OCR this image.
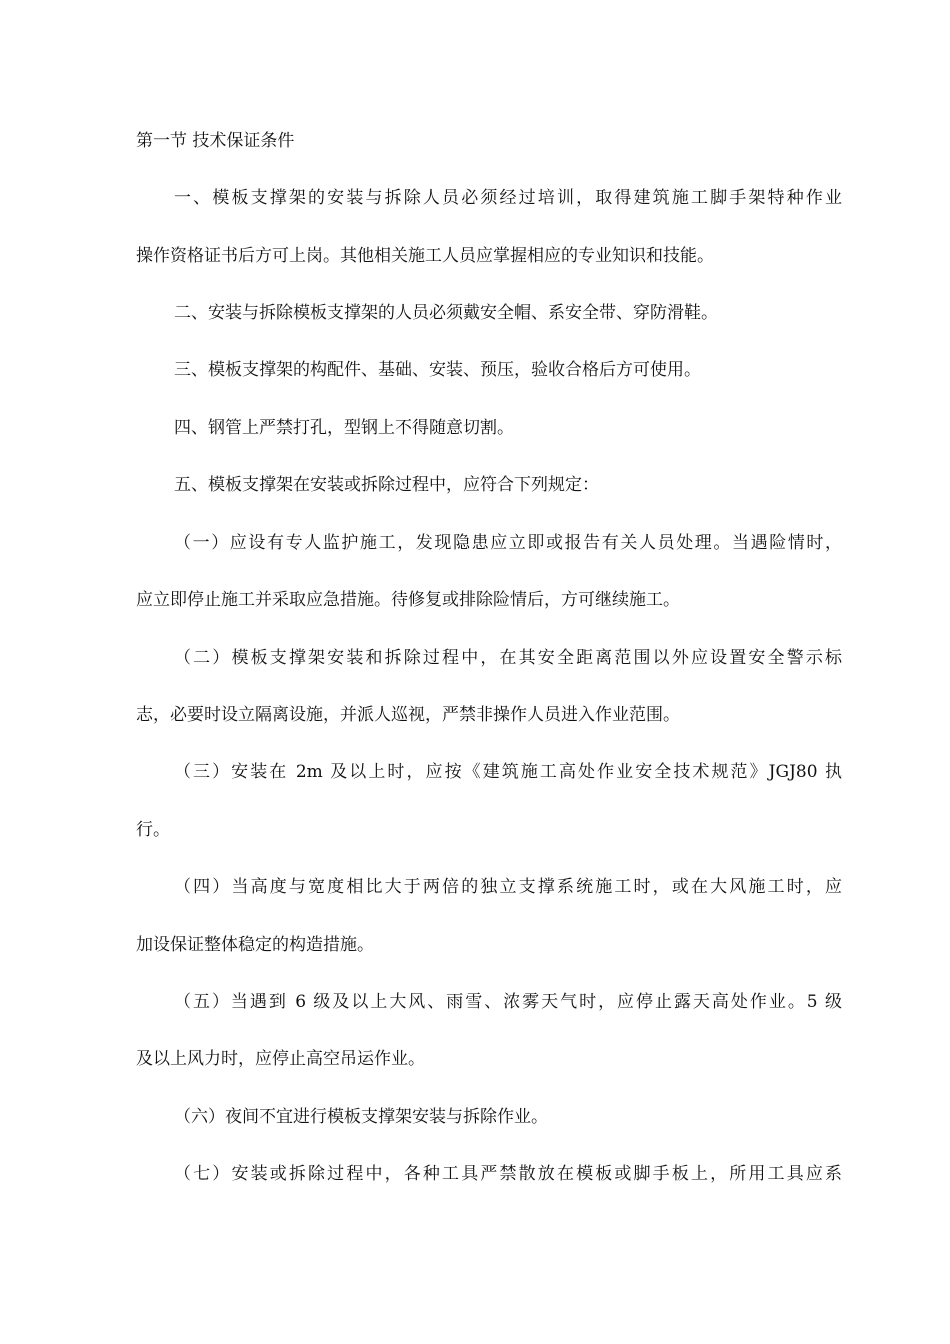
第一节 技术保证条件
一、模板支撑架的安装与拆除人员必须经过培训，取得建筑施工脚手架特种作业
操作资格证书后方可上岗。其他相关施工人员应掌握相应的专业知识和技能。
二、安装与拆除模板支撑架的人员必须戴安全帽、系安全带、穿防滑鞋。
三、模板支撑架的构配件、基础、安装、预压，验收合格后方可使用。
四、钢管上严禁打孔，型钢上不得随意切割。
五、模板支撑架在安装或拆除过程中，应符合下列规定：
（一）应设有专人监护施工，发现隐患应立即或报告有关人员处理。当遇险情时，
应立即停止施工并采取应急措施。待修复或排除险情后，方可继续施工。
（二）模板支撑架安装和拆除过程中，在其安全距离范围以外应设置安全警示标
志，必要时设立隔离设施，并派人巡视，严禁非操作人员进入作业范围。
（三）安装在 2m 及以上时，应按《建筑施工高处作业安全技术规范》JGJ80 执
行。
（四）当高度与宽度相比大于两倍的独立支撑系统施工时，或在大风施工时，应
加设保证整体稳定的构造措施。
（五）当遇到 6 级及以上大风、雨雪、浓雾天气时，应停止露天高处作业。5 级
及以上风力时，应停止高空吊运作业。
（六）夜间不宜进行模板支撑架安装与拆除作业。
（七）安装或拆除过程中，各种工具严禁散放在模板或脚手板上，所用工具应系
